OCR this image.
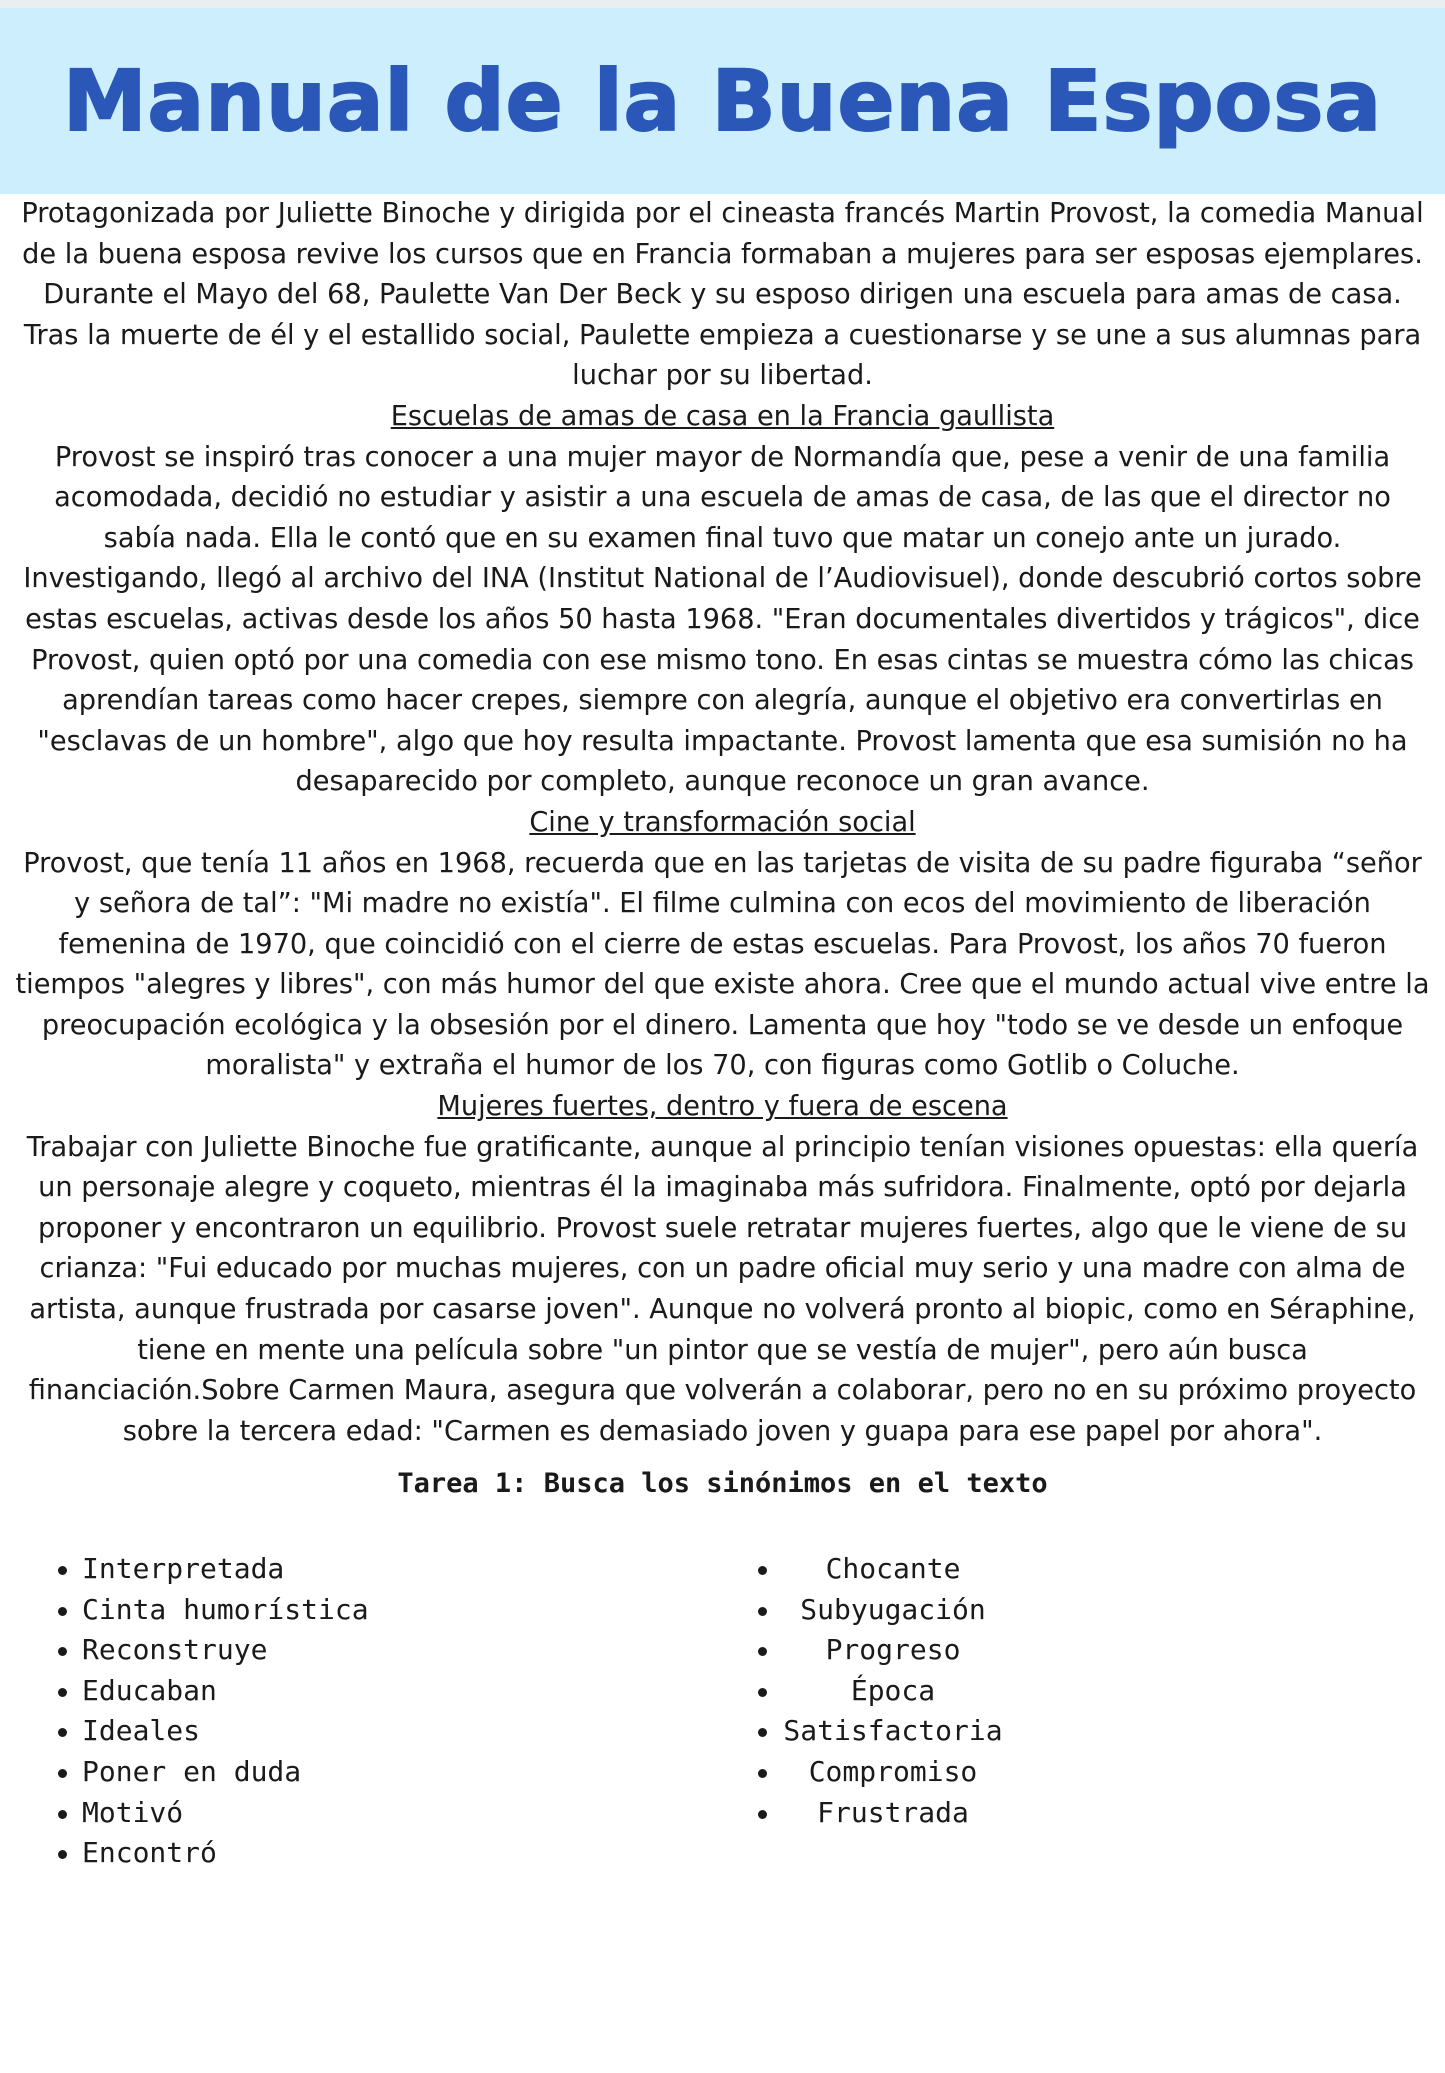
Manual de la Buena Esposa

Protagonizada por Juliette Binoche y dirigida por el cineasta francés Martin Provost, la comedia Manual de la buena esposa revive los cursos que en Francia formaban a mujeres para ser esposas ejemplares. Durante el Mayo del 68, Paulette Van Der Beck y su esposo dirigen una escuela para amas de casa. Tras la muerte de él y el estallido social, Paulette empieza a cuestionarse y se une a sus alumnas para luchar por su libertad.

Escuelas de amas de casa en la Francia gaullista

Provost se inspiró tras conocer a una mujer mayor de Normandía que, pese a venir de una familia acomodada, decidió no estudiar y asistir a una escuela de amas de casa, de las que el director no sabía nada. Ella le contó que en su examen final tuvo que matar un conejo ante un jurado. Investigando, llegó al archivo del INA (Institut National de l’Audiovisuel), donde descubrió cortos sobre estas escuelas, activas desde los años 50 hasta 1968. "Eran documentales divertidos y trágicos", dice Provost, quien optó por una comedia con ese mismo tono. En esas cintas se muestra cómo las chicas aprendían tareas como hacer crepes, siempre con alegría, aunque el objetivo era convertirlas en "esclavas de un hombre", algo que hoy resulta impactante. Provost lamenta que esa sumisión no ha desaparecido por completo, aunque reconoce un gran avance.

Cine y transformación social

Provost, que tenía 11 años en 1968, recuerda que en las tarjetas de visita de su padre figuraba “señor y señora de tal”: "Mi madre no existía". El filme culmina con ecos del movimiento de liberación femenina de 1970, que coincidió con el cierre de estas escuelas. Para Provost, los años 70 fueron tiempos "alegres y libres", con más humor del que existe ahora. Cree que el mundo actual vive entre la preocupación ecológica y la obsesión por el dinero. Lamenta que hoy "todo se ve desde un enfoque moralista" y extraña el humor de los 70, con figuras como Gotlib o Coluche.

Mujeres fuertes, dentro y fuera de escena

Trabajar con Juliette Binoche fue gratificante, aunque al principio tenían visiones opuestas: ella quería un personaje alegre y coqueto, mientras él la imaginaba más sufridora. Finalmente, optó por dejarla proponer y encontraron un equilibrio. Provost suele retratar mujeres fuertes, algo que le viene de su crianza: "Fui educado por muchas mujeres, con un padre oficial muy serio y una madre con alma de artista, aunque frustrada por casarse joven". Aunque no volverá pronto al biopic, como en Séraphine, tiene en mente una película sobre "un pintor que se vestía de mujer", pero aún busca financiación.Sobre Carmen Maura, asegura que volverán a colaborar, pero no en su próximo proyecto sobre la tercera edad: "Carmen es demasiado joven y guapa para ese papel por ahora".

Tarea 1: Busca los sinónimos en el texto
Interpretada
Cinta humorística
Reconstruye
Educaban
Ideales
Poner en duda
Motivó
Encontró
Chocante
Subyugación
Progreso
Época
Satisfactoria
Compromiso
Frustrada
